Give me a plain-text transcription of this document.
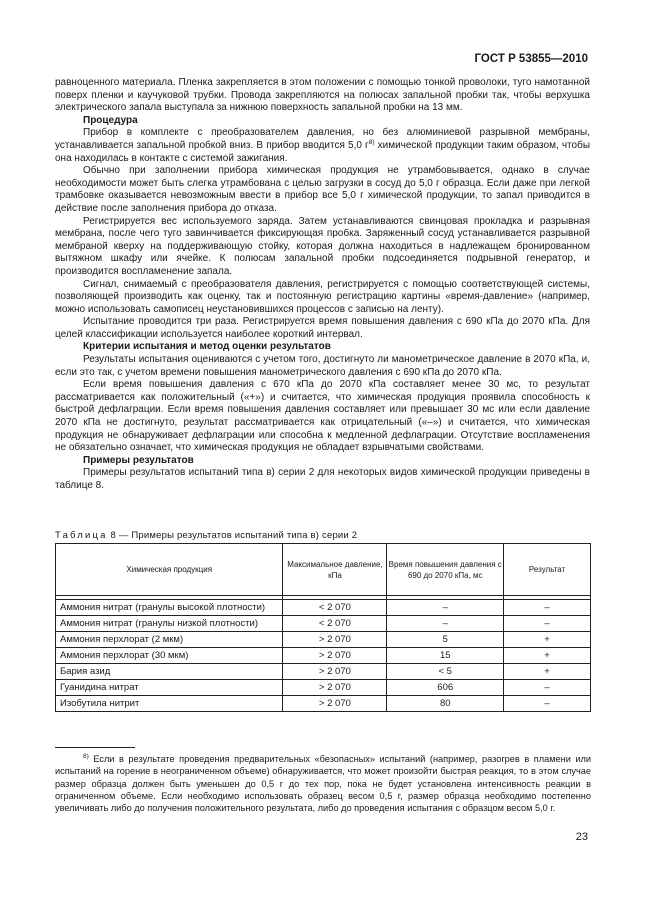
ГОСТ Р 53855—2010

равноценного материала. Пленка закрепляется в этом положении с помощью тонкой проволоки, туго намотанной поверх пленки и каучуковой трубки. Провода закрепляются на полюсах запальной пробки так, чтобы верхушка электрического запала выступала за нижнюю поверхность запальной пробки на 13 мм.

Процедура

Прибор в комплекте с преобразователем давления, но без алюминиевой разрывной мембраны, устанавливается запальной пробкой вниз. В прибор вводится 5,0 $г^{8)}$ химической продукции таким образом, чтобы она находилась в контакте с системой зажигания.

Обычно при заполнении прибора химическая продукция не утрамбовывается, однако в случае необходимости может быть слегка утрамбована с целью загрузки в сосуд до 5,0 г образца. Если даже при легкой трамбовке оказывается невозможным ввести в прибор все 5,0 г химической продукции, то запал приводится в действие после заполнения прибора до отказа.

Регистрируется вес используемого заряда. Затем устанавливаются свинцовая прокладка и разрывная мембрана, после чего туго завинчивается фиксирующая пробка. Заряженный сосуд устанавливается разрывной мембраной кверху на поддерживающую стойку, которая должна находиться в надлежащем бронированном вытяжном шкафу или ячейке. К полюсам запальной пробки подсоединяется подрывной генератор, и производится воспламенение запала.

Сигнал, снимаемый с преобразователя давления, регистрируется с помощью соответствующей системы, позволяющей производить как оценку, так и постоянную регистрацию картины «время-давление» (например, можно использовать самописец неустановившихся процессов с записью на ленту).

Испытание проводится три раза. Регистрируется время повышения давления с 690 кПа до 2070 кПа. Для целей классификации используется наиболее короткий интервал.

Критерии испытания и метод оценки результатов

Результаты испытания оцениваются с учетом того, достигнуто ли манометрическое давление в 2070 кПа, и, если это так, с учетом времени повышения манометрического давления с 690 кПа до 2070 кПа.

Если время повышения давления с 670 кПа до 2070 кПа составляет менее 30 мс, то результат рассматривается как положительный («+») и считается, что химическая продукция проявила способность к быстрой дефлаграции. Если время повышения давления составляет или превышает 30 мс или если давление 2070 кПа не достигнуто, результат рассматривается как отрицательный («–») и считается, что химическая продукция не обнаруживает дефлаграции или способна к медленной дефлаграции. Отсутствие воспламенения не обязательно означает, что химическая продукция не обладает взрывчатыми свойствами.

Примеры результатов

Примеры результатов испытаний типа в) серии 2 для некоторых видов химической продукции приведены в таблице 8.

Таблица 8 — Примеры результатов испытаний типа в) серии 2
Химическая продукция	Максимальное давление, кПа	Время повышения давления с 690 до 2070 кПа, мс	Результат

Аммония нитрат (гранулы высокой плотности)	< 2 070	–	–
Аммония нитрат (гранулы низкой плотности)	< 2 070	–	–
Аммония перхлорат (2 мкм)	> 2 070	5	+
Аммония перхлорат (30 мкм)	> 2 070	15	+
Бария азид	> 2 070	< 5	+
Гуанидина нитрат	> 2 070	606	–
Изобутила нитрит	> 2 070	80	–
$^{8)}$ Если в результате проведения предварительных «безопасных» испытаний (например, разогрев в пламени или испытаний на горение в неограниченном объеме) обнаруживается, что может произойти быстрая реакция, то в этом случае размер образца должен быть уменьшен до 0,5 г до тех пор, пока не будет установлена интенсивность реакции в ограниченном объеме. Если необходимо использовать образец весом 0,5 г, размер образца необходимо постепенно увеличивать либо до получения положительного результата, либо до проведения испытания с образцом весом 5,0 г.
23
